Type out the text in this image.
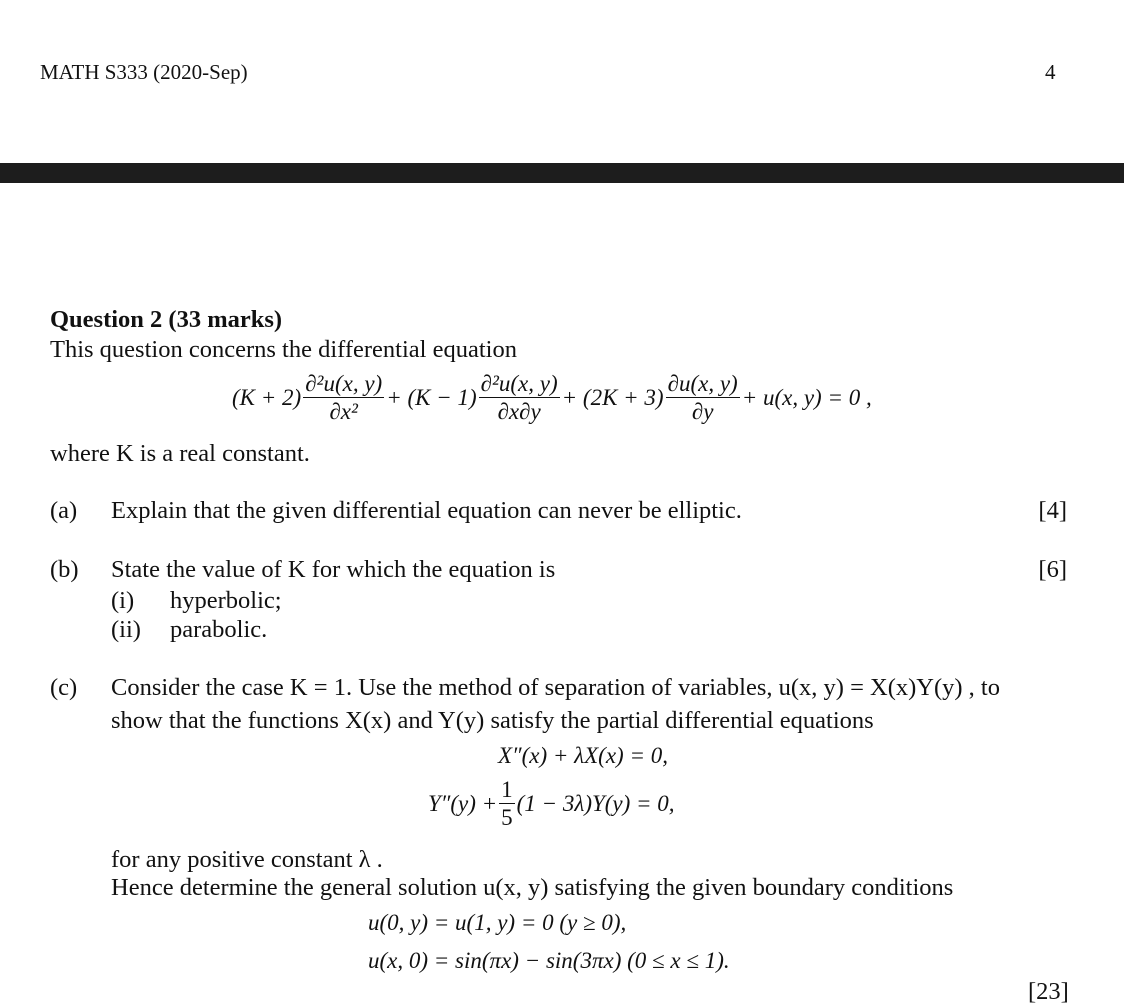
MATH S333 (2020-Sep)	4
Question 2 (33 marks)
This question concerns the differential equation
$(K + 2) \frac{\text{∂²u(x, y)}}{\text{∂x²}} + (K - 1) \frac{\text{∂²u(x, y)}}{\partial x\partial y} + (2K + 3) \frac{\partial u(x, y)}{\partial y} + u(x$, y) = 0 ,
where K is a real constant.
(a) Explain that the given differential equation can never be elliptic.	[4]
(b) State the value of K for which the equation is	[6]
(i) hyperbolic;
(ii) parabolic.
(c) Consider the case K = 1. Use the method of separation of variables, u(x, y) = X(x)Y(y) , to
show that the functions X(x) and Y(y) satisfy the partial differential equations
X″(x) + λX(x) = 0,
$Y''(y) + \frac{1}{5} (1 - 3\lambda)Y(y) = 0$,
for any positive constant λ .
Hence determine the general solution u(x, y) satisfying the given boundary conditions
u(0, y) = u(1, y) = 0 (y ≥ 0),
u(x, 0) = sin(πx) − sin(3πx) (0 ≤ x ≤ 1).
[23]
